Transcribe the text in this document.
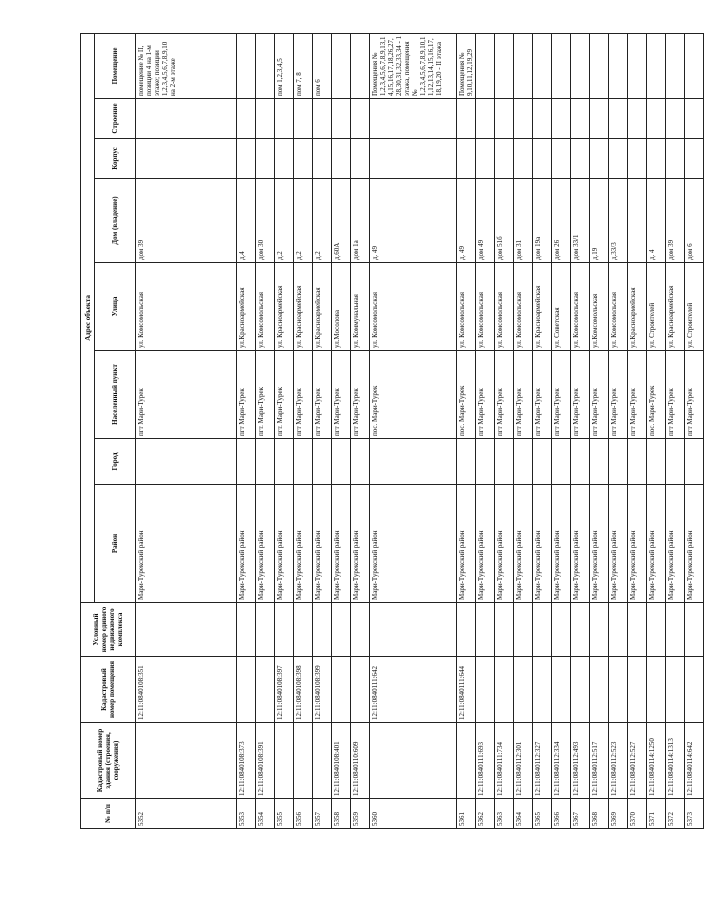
№ п/п	Кадастровый номер здания (строения, сооружения)	Кадастровый номер помещения	Условный номер единого недвижимого комплекса	Адрес объекта							
				Район	Город	Населенный пункт	Улица	Дом (владение)	Корпус	Строение	Помещение
5352		12:11:0840108:351		Мари-Турекский район		пгт Мари-Турек	ул. Комсомольская	дом 39			помещение № II, позиции 4 на 1-м этаже; позиции 1,2,3,4,5,6,7,8,9,10 на 2-м этаже
5353	12:11:0840108:373			Мари-Турекский район		пгт Мари-Турек	ул.Красноармейская	д.4			
5354	12:11:0840108:391			Мари-Турекский район		пгт. Мари-Турек	ул. Комсомольская	дом 30			
5355		12:11:0840108:397		Мари-Турекский район		пгт. Мари-Турек	ул. Красноармейская	д.2			пом 1,2,3,4,5
5356		12:11:0840108:398		Мари-Турекский район		пгт Мари-Турек	ул. Красноармейская	д.2			пом 7, 8
5357		12:11:0840108:399		Мари-Турекский район		пгт Мари-Турек	ул.Красноармейская	д.2			пом 6
5358	12:11:0840108:401			Мари-Турекский район		пгт Мари-Турек	ул.Мосолова	д.60А			
5359	12:11:0840110:609			Мари-Турекский район		пгт Мари-Турек	ул. Коммунальная	дом 1а			
5360		12:11:0840111:642		Мари-Турекский район		пос. Мари-Турек	ул. Комсомольская	д. 49			Помещения № 1,2,3,4,5,6,7,8,9,13,14,15,16,17,18,26,27,28,30,31,32,33,34 - 1 этажа, помещения № 1,2,3,4,5,6,7,8,9,10,11,12,13,14,15,16,17,18,19,20 - II этажа
5361		12:11:0840111:644		Мари-Турекский район		пос. Мари-Турек	ул. Комсомольская	д. 49			Помещения № 9,10,11,12,19,29
5362	12:11:0840111:693			Мари-Турекский район		пгт Мари-Турек	ул. Комсомольская	дом 49			
5363	12:11:0840111:734			Мари-Турекский район		пгт Мари-Турек	ул. Комсомольская	дом 51б			
5364	12:11:0840112:301			Мари-Турекский район		пгт Мари-Турек	ул. Комсомольская	дом 31			
5365	12:11:0840112:327			Мари-Турекский район		пгт Мари-Турек	ул. Красноармейская	дом 19а			
5366	12:11:0840112:334			Мари-Турекский район		пгт Мари-Турек	ул. Советская	дом 26			
5367	12:11:0840112:493			Мари-Турекский район		пгт Мари-Турек	ул. Комсомольская	дом 33/1			
5368	12:11:0840112:517			Мари-Турекский район		пгт Мари-Турек	ул.Комсомольская	д.19			
5369	12:11:0840112:523			Мари-Турекский район		пгт Мари-Турек	ул. Комсомольская	д.33/3			
5370	12:11:0840112:527			Мари-Турекский район		пгт Мари-Турек	ул.Красноармейская				
5371	12:11:0840114:1250			Мари-Турекский район		пос. Мари-Турек	ул. Строителей	д. 4			
5372	12:11:0840114:1313			Мари-Турекский район		пгт Мари-Турек	ул. Красноармейская	дом 39			
5373	12:11:0840114:642			Мари-Турекский район		пгт Мари-Турек	ул. Строителей	дом 6			
